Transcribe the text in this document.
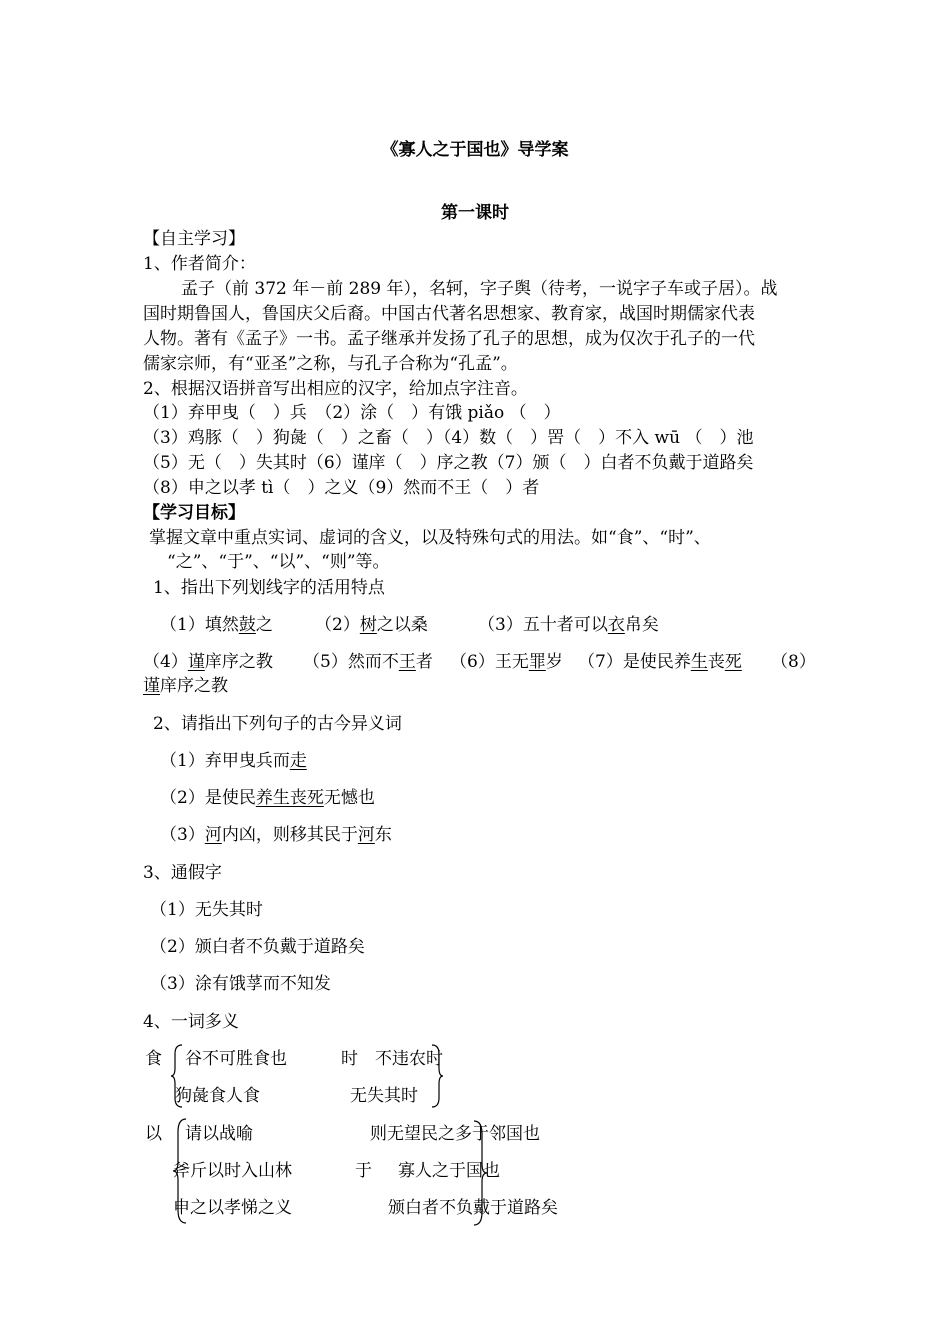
《寡人之于国也》导学案
第一课时
【自主学习】
1、作者简介：
孟子（前 372 年－前 289 年），名轲，字子舆（待考，一说字子车或子居）。战
国时期鲁国人，鲁国庆父后裔。中国古代著名思想家、教育家，战国时期儒家代表
人物。著有《孟子》一书。孟子继承并发扬了孔子的思想，成为仅次于孔子的一代
儒家宗师，有“亚圣”之称，与孔子合称为“孔孟”。
2、根据汉语拼音写出相应的汉字，给加点字注音。
（1）弃甲曳（　）兵　（2）涂（　）有饿 piǎo （　）
（3）鸡豚（　）狗彘（　）之畜（　）（4）数（　）罟（　）不入 wū （　）池
（5）无（　）失其时（6）谨庠（　）序之教（7）颁（　）白者不负戴于道路矣
（8）申之以孝 tì（　）之义（9）然而不王（　）者
【学习目标】
掌握文章中重点实词、虚词的含义，以及特殊句式的用法。如“食”、“时”、
“之”、“于”、“以”、“则”等。
1、指出下列划线字的活用特点
（1）填然鼓之 （2）树之以桑	（3）五十者可以衣帛矣
（4）谨庠序之教 （5）然而不王者 （6）王无罪岁 （7）是使民养生丧死 （8）
谨庠序之教
2、请指出下列句子的古今异义词
（1）弃甲曳兵而走
（2）是使民养生丧死无憾也
（3）河内凶，则移其民于河东
3、通假字
（1）无失其时
（2）颁白者不负戴于道路矣
（3）涂有饿莩而不知发
4、一词多义
食 谷不可胜食也
狗彘食人食
时 不违农时
无失其时
以 请以战喻
斧斤以时入山林
申之以孝悌之义
于
则无望民之多于邻国也
寡人之于国也
颁白者不负戴于道路矣
